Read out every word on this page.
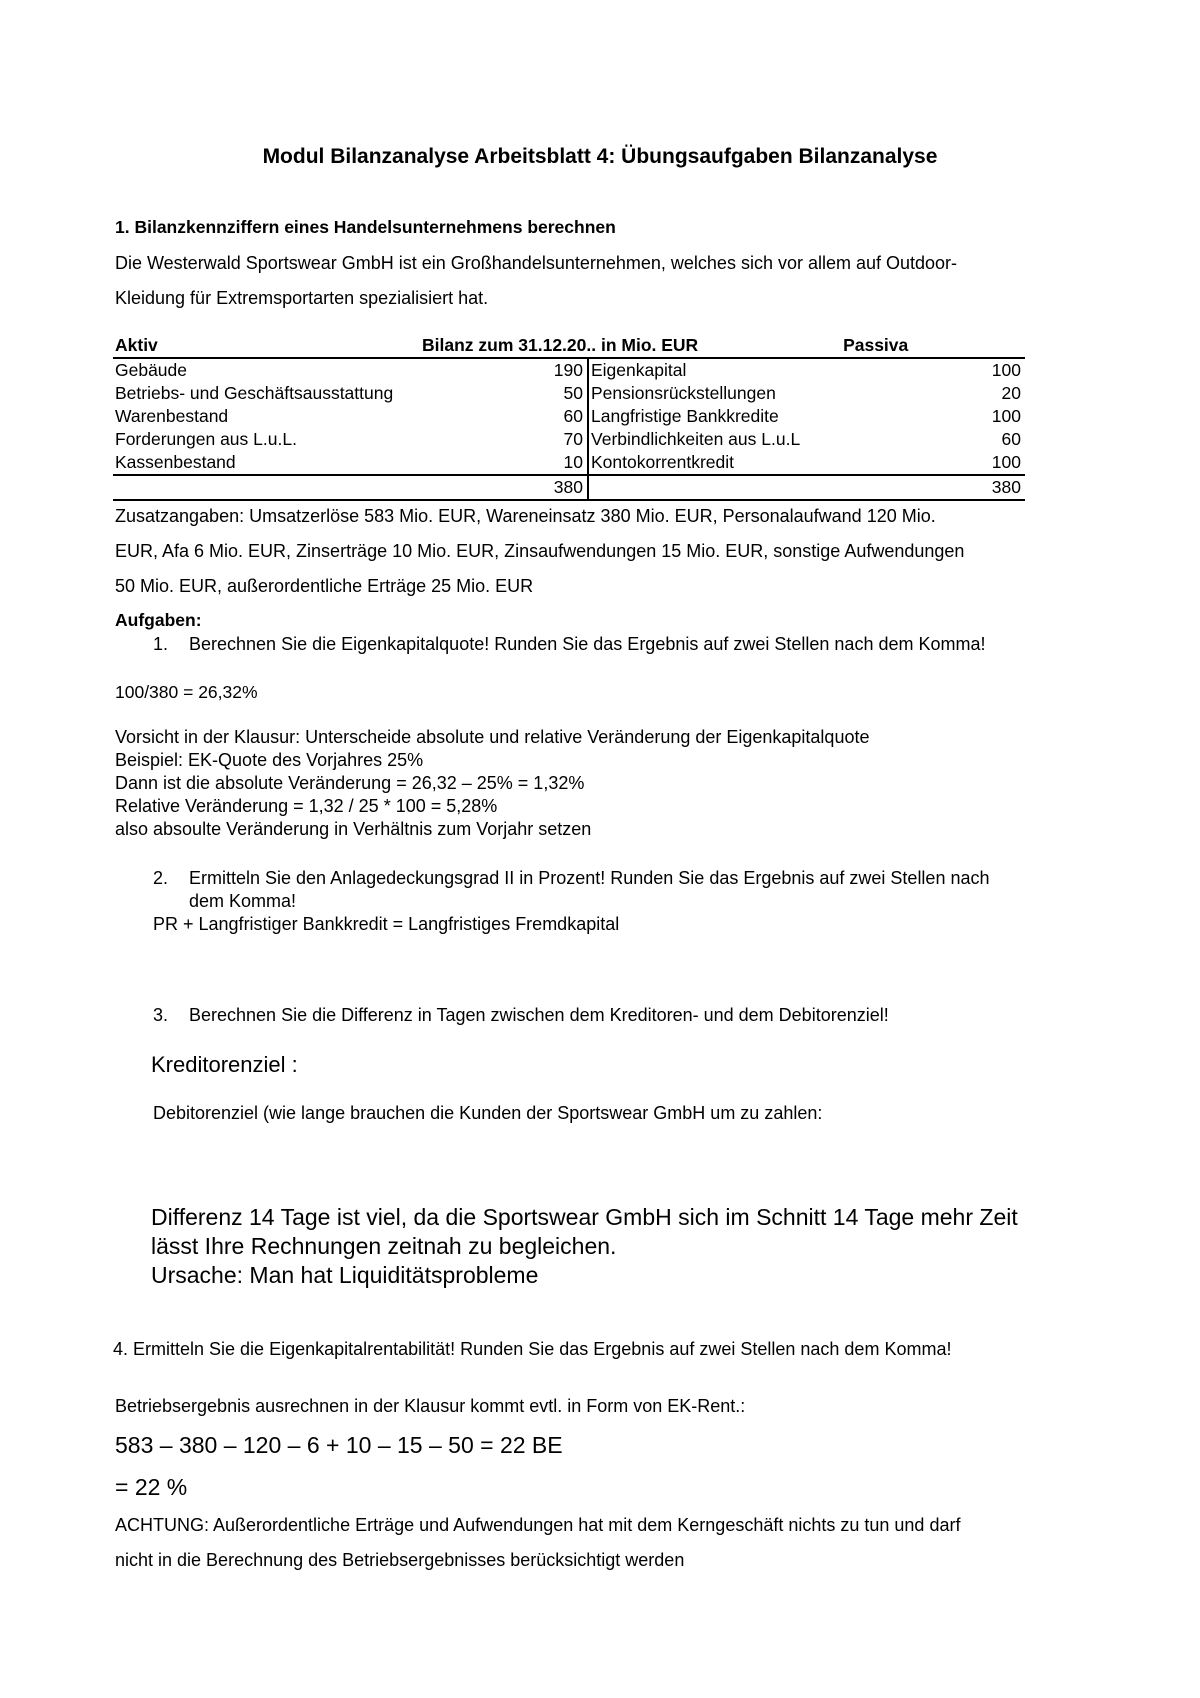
Modul Bilanzanalyse Arbeitsblatt 4: Übungsaufgaben Bilanzanalyse
1. Bilanzkennziffern eines Handelsunternehmens berechnen
Die Westerwald Sportswear GmbH ist ein Großhandelsunternehmen, welches sich vor allem auf Outdoor-
Kleidung für Extremsportarten spezialisiert hat.
Aktiv	Bilanz zum 31.12.20.. in Mio. EUR Passiva		
Gebäude	190	Eigenkapital	100
Betriebs- und Geschäftsausstattung	50	Pensionsrückstellungen	20
Warenbestand	60	Langfristige Bankkredite	100
Forderungen aus L.u.L.	70	Verbindlichkeiten aus L.u.L	60
Kassenbestand	10	Kontokorrentkredit	100
	380		380
Zusatzangaben: Umsatzerlöse 583 Mio. EUR, Wareneinsatz 380 Mio. EUR, Personalaufwand 120 Mio.
EUR, Afa 6 Mio. EUR, Zinserträge 10 Mio. EUR, Zinsaufwendungen 15 Mio. EUR, sonstige Aufwendungen
50 Mio. EUR, außerordentliche Erträge 25 Mio. EUR
Aufgaben:
1. Berechnen Sie die Eigenkapitalquote! Runden Sie das Ergebnis auf zwei Stellen nach dem Komma!
100/380 = 26,32%
Vorsicht in der Klausur: Unterscheide absolute und relative Veränderung der Eigenkapitalquote
Beispiel: EK-Quote des Vorjahres 25%
Dann ist die absolute Veränderung = 26,32 – 25% = 1,32%
Relative Veränderung = 1,32 / 25 * 100 = 5,28%
also absoulte Veränderung in Verhältnis zum Vorjahr setzen
2. Ermitteln Sie den Anlagedeckungsgrad II in Prozent! Runden Sie das Ergebnis auf zwei Stellen nach
dem Komma!
PR + Langfristiger Bankkredit = Langfristiges Fremdkapital
3. Berechnen Sie die Differenz in Tagen zwischen dem Kreditoren- und dem Debitorenziel!
Kreditorenziel :
Debitorenziel (wie lange brauchen die Kunden der Sportswear GmbH um zu zahlen:
Differenz 14 Tage ist viel, da die Sportswear GmbH sich im Schnitt 14 Tage mehr Zeit
lässt Ihre Rechnungen zeitnah zu begleichen.
Ursache: Man hat Liquiditätsprobleme
4. Ermitteln Sie die Eigenkapitalrentabilität! Runden Sie das Ergebnis auf zwei Stellen nach dem Komma!
Betriebsergebnis ausrechnen in der Klausur kommt evtl. in Form von EK-Rent.:
583 – 380 – 120 – 6 + 10 – 15 – 50 = 22 BE
= 22 %
ACHTUNG: Außerordentliche Erträge und Aufwendungen hat mit dem Kerngeschäft nichts zu tun und darf
nicht in die Berechnung des Betriebsergebnisses berücksichtigt werden
